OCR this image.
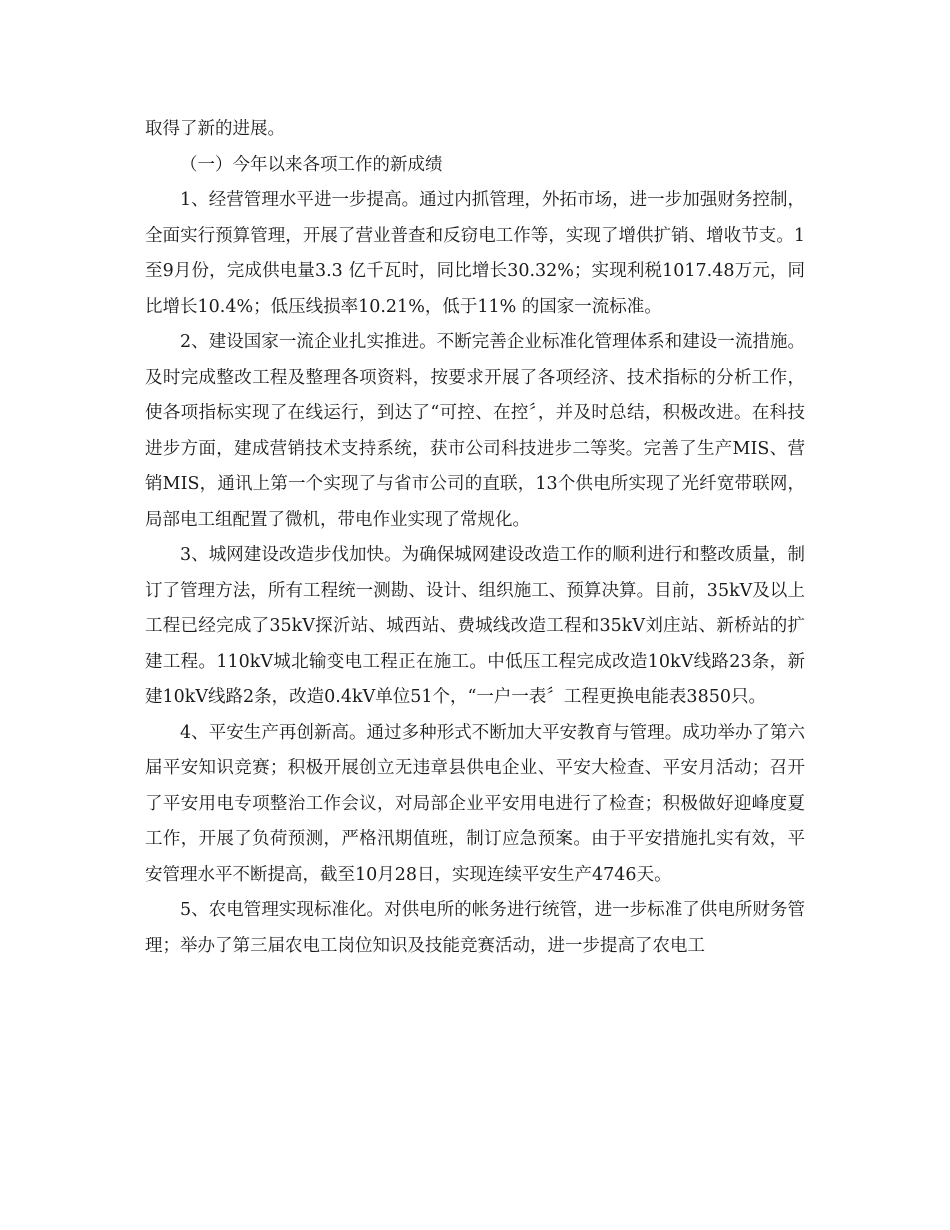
取得了新的进展。

（一）今年以来各项工作的新成绩

1、经营管理水平进一步提高。通过内抓管理，外拓市场，进一步加强财务控制，全面实行预算管理，开展了营业普查和反窃电工作等，实现了增供扩销、增收节支。1至9月份，完成供电量3.3 亿千瓦时，同比增长30.32%；实现利税1017.48万元，同比增长10.4%；低压线损率10.21%，低于11% 的国家一流标准。

2、建设国家一流企业扎实推进。不断完善企业标准化管理体系和建设一流措施。及时完成整改工程及整理各项资料，按要求开展了各项经济、技术指标的分析工作，使各项指标实现了在线运行，到达了“可控、在控〞，并及时总结，积极改进。在科技进步方面，建成营销技术支持系统，获市公司科技进步二等奖。完善了生产MIS、营销MIS，通讯上第一个实现了与省市公司的直联，13个供电所实现了光纤宽带联网，局部电工组配置了微机，带电作业实现了常规化。

3、城网建设改造步伐加快。为确保城网建设改造工作的顺利进行和整改质量，制订了管理方法，所有工程统一测勘、设计、组织施工、预算决算。目前，35kV及以上工程已经完成了35kV探沂站、城西站、费城线改造工程和35kV刘庄站、新桥站的扩建工程。110kV城北输变电工程正在施工。中低压工程完成改造10kV线路23条，新建10kV线路2条，改造0.4kV单位51个，“一户一表〞工程更换电能表3850只。

4、平安生产再创新高。通过多种形式不断加大平安教育与管理。成功举办了第六届平安知识竞赛；积极开展创立无违章县供电企业、平安大检查、平安月活动；召开了平安用电专项整治工作会议，对局部企业平安用电进行了检查；积极做好迎峰度夏工作，开展了负荷预测，严格汛期值班，制订应急预案。由于平安措施扎实有效，平安管理水平不断提高，截至10月28日，实现连续平安生产4746天。

5、农电管理实现标准化。对供电所的帐务进行统管，进一步标准了供电所财务管理；举办了第三届农电工岗位知识及技能竞赛活动，进一步提高了农电工
